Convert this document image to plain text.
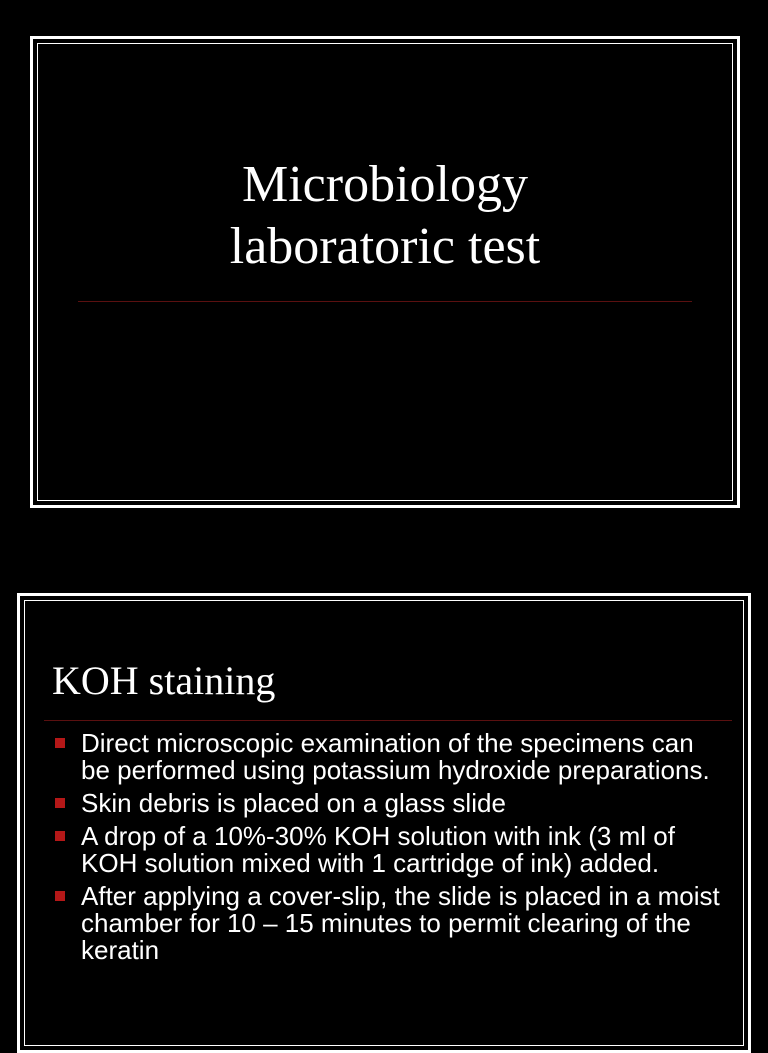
Microbiology
laboratoric test
KOH staining
Direct microscopic examination of the specimens can be performed using potassium hydroxide preparations.
Skin debris is placed on a glass slide
A drop of a 10%-30% KOH solution with ink (3 ml of KOH solution mixed with 1 cartridge of ink) added.
After applying a cover-slip, the slide is placed in a moist chamber for 10 – 15 minutes to permit clearing of the keratin
